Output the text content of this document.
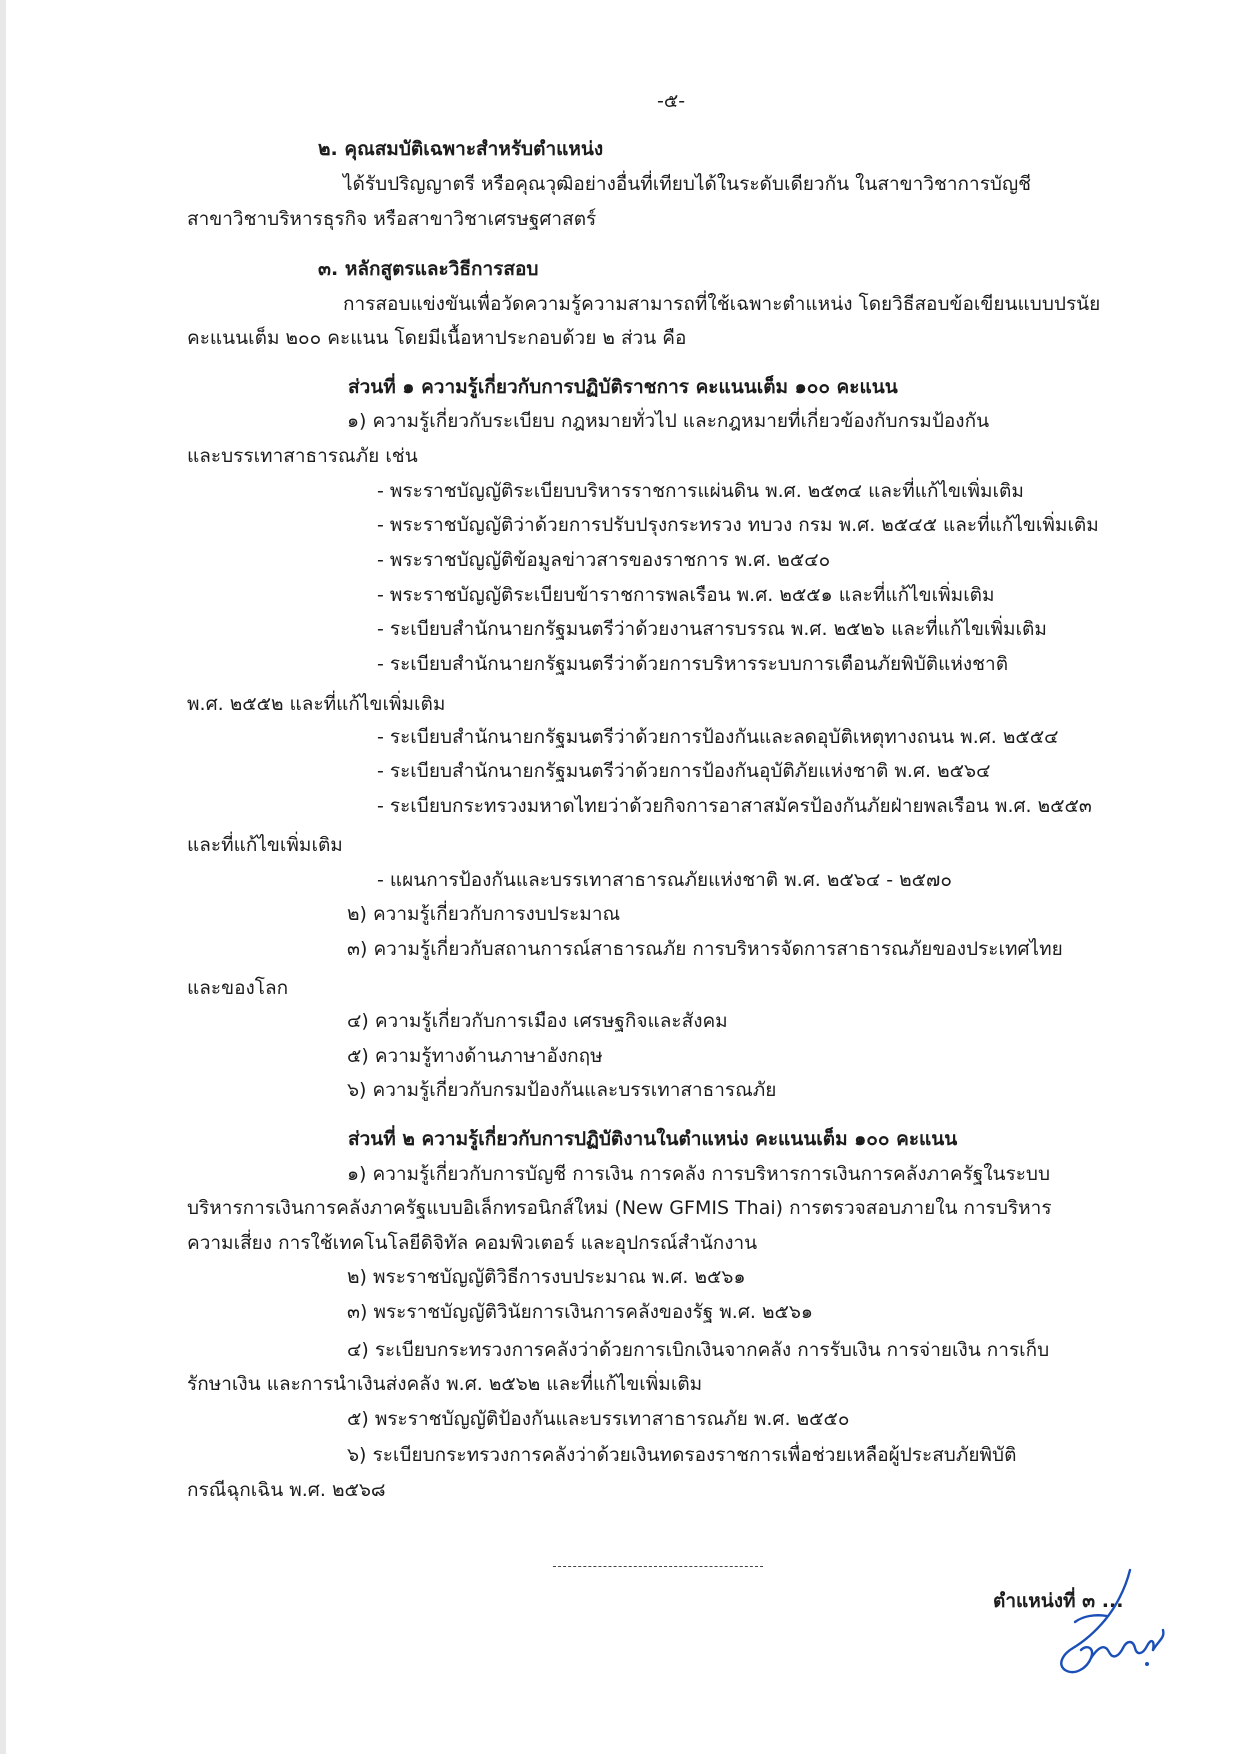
-๕-
๒. คุณสมบัติเฉพาะสำหรับตำแหน่ง
ได้รับปริญญาตรี หรือคุณวุฒิอย่างอื่นที่เทียบได้ในระดับเดียวกัน ในสาขาวิชาการบัญชี
สาขาวิชาบริหารธุรกิจ หรือสาขาวิชาเศรษฐศาสตร์
๓. หลักสูตรและวิธีการสอบ
การสอบแข่งขันเพื่อวัดความรู้ความสามารถที่ใช้เฉพาะตำแหน่ง โดยวิธีสอบข้อเขียนแบบปรนัย
คะแนนเต็ม ๒๐๐ คะแนน โดยมีเนื้อหาประกอบด้วย ๒ ส่วน คือ
ส่วนที่ ๑ ความรู้เกี่ยวกับการปฏิบัติราชการ คะแนนเต็ม ๑๐๐ คะแนน
๑) ความรู้เกี่ยวกับระเบียบ กฎหมายทั่วไป และกฎหมายที่เกี่ยวข้องกับกรมป้องกัน
และบรรเทาสาธารณภัย เช่น
- พระราชบัญญัติระเบียบบริหารราชการแผ่นดิน พ.ศ. ๒๕๓๔ และที่แก้ไขเพิ่มเติม
- พระราชบัญญัติว่าด้วยการปรับปรุงกระทรวง ทบวง กรม พ.ศ. ๒๕๔๕ และที่แก้ไขเพิ่มเติม
- พระราชบัญญัติข้อมูลข่าวสารของราชการ พ.ศ. ๒๕๔๐
- พระราชบัญญัติระเบียบข้าราชการพลเรือน พ.ศ. ๒๕๕๑ และที่แก้ไขเพิ่มเติม
- ระเบียบสำนักนายกรัฐมนตรีว่าด้วยงานสารบรรณ พ.ศ. ๒๕๒๖ และที่แก้ไขเพิ่มเติม
- ระเบียบสำนักนายกรัฐมนตรีว่าด้วยการบริหารระบบการเตือนภัยพิบัติแห่งชาติ
พ.ศ. ๒๕๕๒ และที่แก้ไขเพิ่มเติม
- ระเบียบสำนักนายกรัฐมนตรีว่าด้วยการป้องกันและลดอุบัติเหตุทางถนน พ.ศ. ๒๕๕๔
- ระเบียบสำนักนายกรัฐมนตรีว่าด้วยการป้องกันอุบัติภัยแห่งชาติ พ.ศ. ๒๕๖๔
- ระเบียบกระทรวงมหาดไทยว่าด้วยกิจการอาสาสมัครป้องกันภัยฝ่ายพลเรือน พ.ศ. ๒๕๕๓
และที่แก้ไขเพิ่มเติม
- แผนการป้องกันและบรรเทาสาธารณภัยแห่งชาติ พ.ศ. ๒๕๖๔ - ๒๕๗๐
๒) ความรู้เกี่ยวกับการงบประมาณ
๓) ความรู้เกี่ยวกับสถานการณ์สาธารณภัย การบริหารจัดการสาธารณภัยของประเทศไทย
และของโลก
๔) ความรู้เกี่ยวกับการเมือง เศรษฐกิจและสังคม
๕) ความรู้ทางด้านภาษาอังกฤษ
๖) ความรู้เกี่ยวกับกรมป้องกันและบรรเทาสาธารณภัย
ส่วนที่ ๒ ความรู้เกี่ยวกับการปฏิบัติงานในตำแหน่ง คะแนนเต็ม ๑๐๐ คะแนน
๑) ความรู้เกี่ยวกับการบัญชี การเงิน การคลัง การบริหารการเงินการคลังภาครัฐในระบบ
บริหารการเงินการคลังภาครัฐแบบอิเล็กทรอนิกส์ใหม่ (New GFMIS Thai) การตรวจสอบภายใน การบริหาร
ความเสี่ยง การใช้เทคโนโลยีดิจิทัล คอมพิวเตอร์ และอุปกรณ์สำนักงาน
๒) พระราชบัญญัติวิธีการงบประมาณ พ.ศ. ๒๕๖๑
๓) พระราชบัญญัติวินัยการเงินการคลังของรัฐ พ.ศ. ๒๕๖๑
๔) ระเบียบกระทรวงการคลังว่าด้วยการเบิกเงินจากคลัง การรับเงิน การจ่ายเงิน การเก็บ
รักษาเงิน และการนำเงินส่งคลัง พ.ศ. ๒๕๖๒ และที่แก้ไขเพิ่มเติม
๕) พระราชบัญญัติป้องกันและบรรเทาสาธารณภัย พ.ศ. ๒๕๕๐
๖) ระเบียบกระทรวงการคลังว่าด้วยเงินทดรองราชการเพื่อช่วยเหลือผู้ประสบภัยพิบัติ
กรณีฉุกเฉิน พ.ศ. ๒๕๖๘
ตำแหน่งที่ ๓ ...
